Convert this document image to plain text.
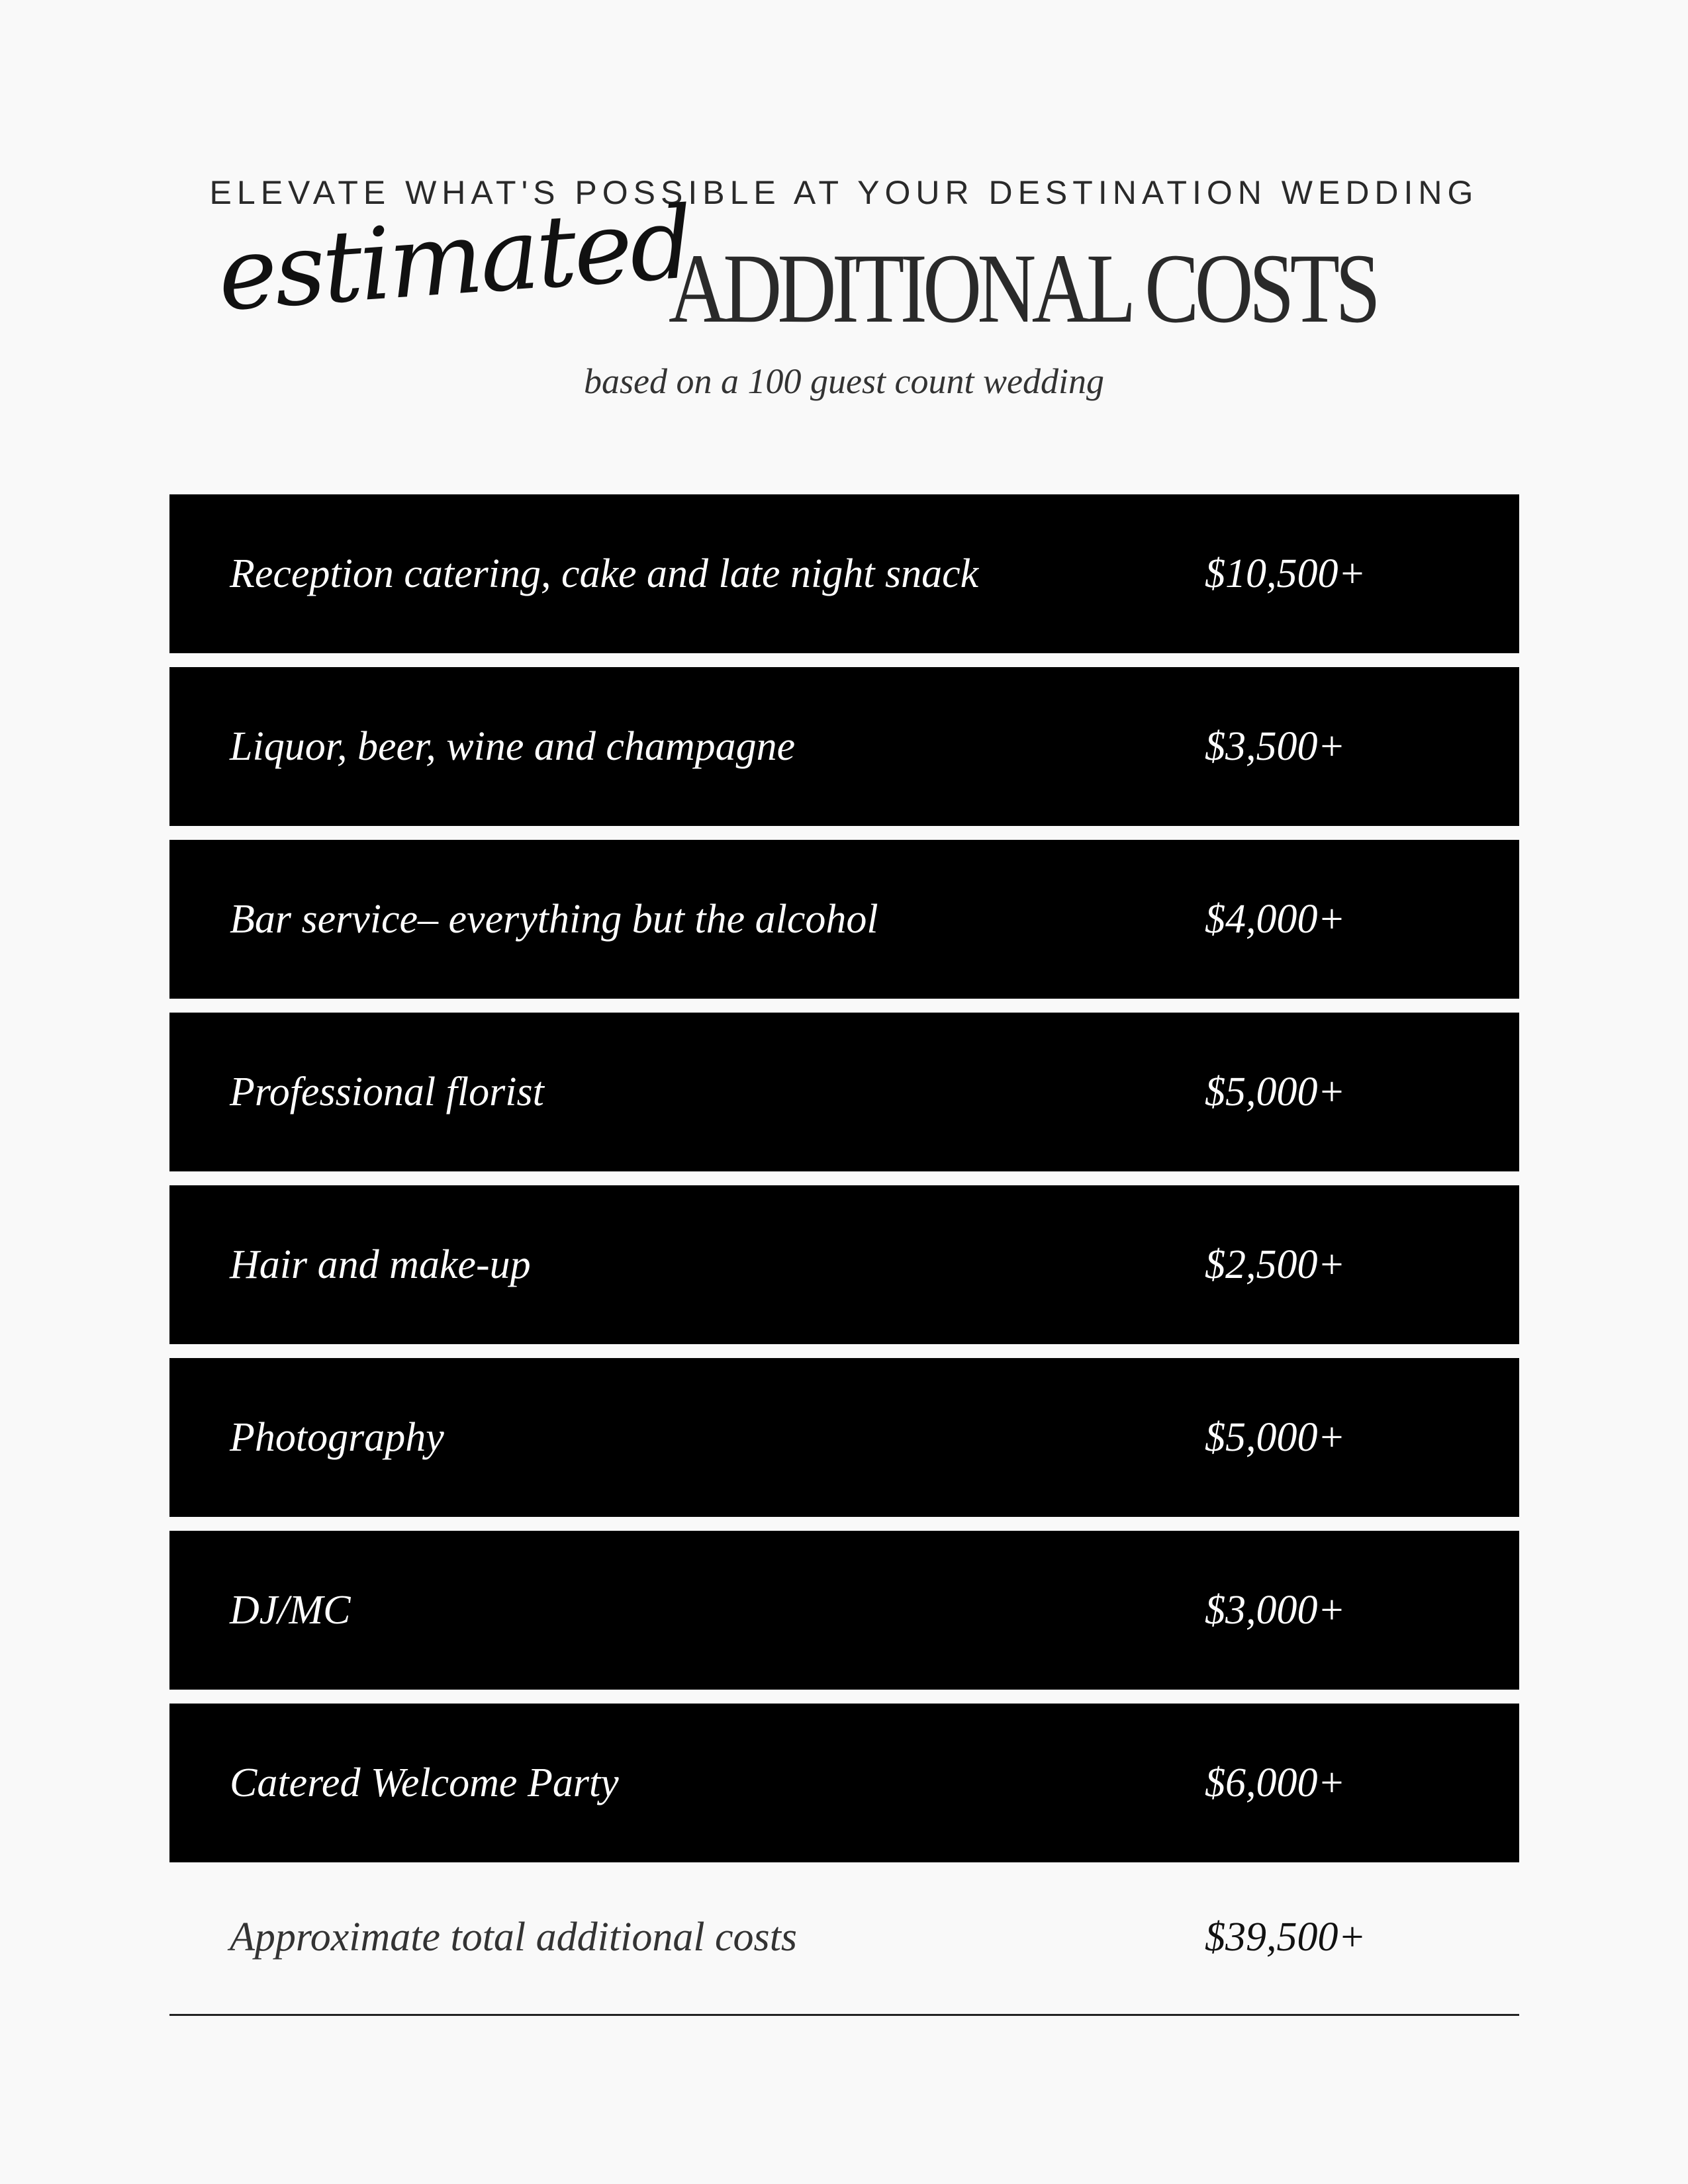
ELEVATE WHAT'S POSSIBLE AT YOUR DESTINATION WEDDING
estimated
ADDITIONAL COSTS
based on a 100 guest count wedding
Reception catering, cake and late night snack	$10,500+
Liquor, beer, wine and champagne	$3,500+
Bar service– everything but the alcohol	$4,000+
Professional florist	$5,000+
Hair and make-up	$2,500+
Photography	$5,000+
DJ/MC	$3,000+
Catered Welcome Party	$6,000+
Approximate total additional costs	$39,500+
